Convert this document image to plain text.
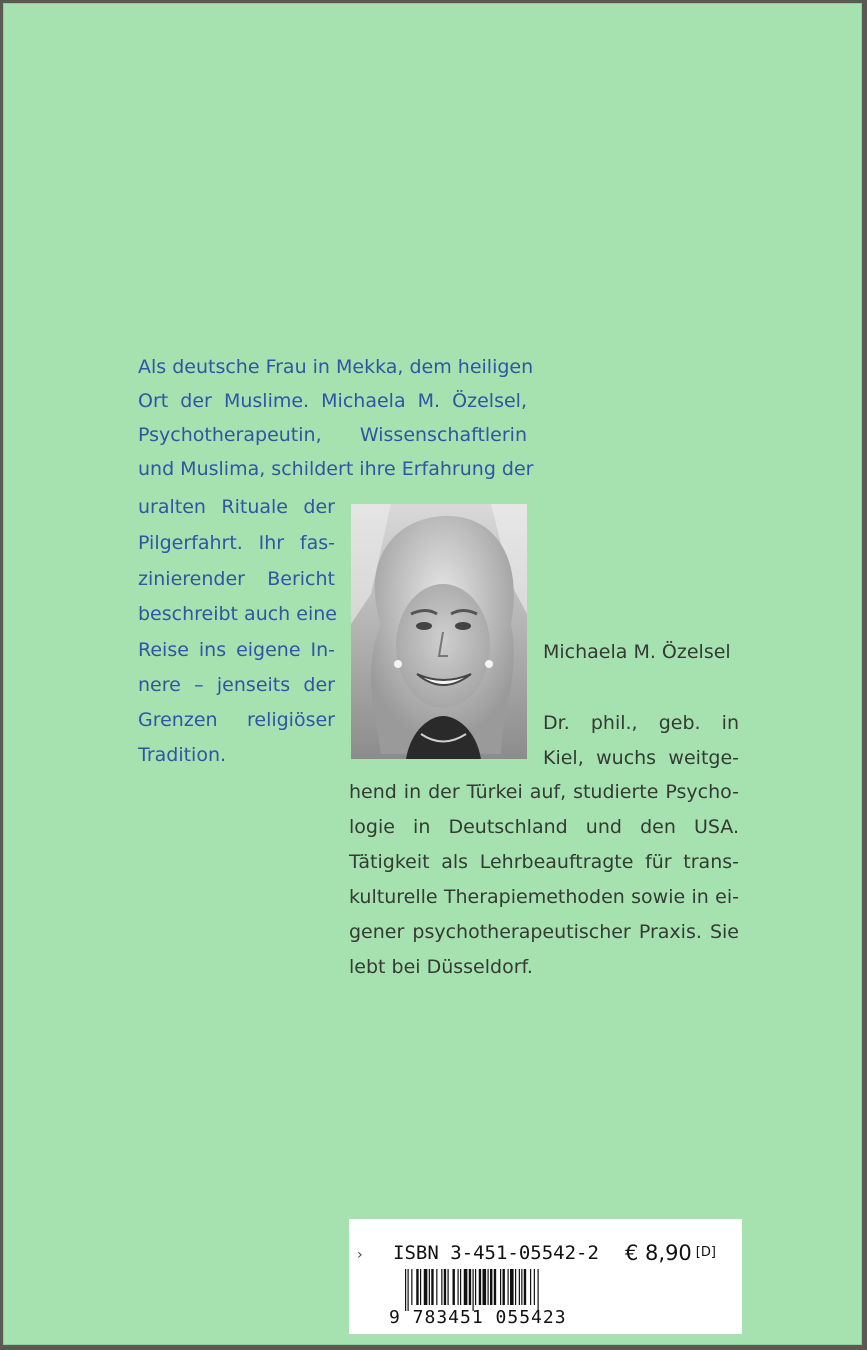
Als deutsche Frau in Mekka, dem heiligen
Ort der Muslime. Michaela M. Özelsel,
Psychotherapeutin, Wissenschaftlerin
und Muslima, schildert ihre Erfahrung der
uralten Rituale der
Pilgerfahrt. Ihr fas-
zinierender Bericht
beschreibt auch eine
Reise ins eigene In-
nere – jenseits der
Grenzen religiöser
Tradition.
Michaela M. Özelsel
Dr. phil., geb. in
Kiel, wuchs weitge-
hend in der Türkei auf, studierte Psycho-
logie in Deutschland und den USA.
Tätigkeit als Lehrbeauftragte für trans-
kulturelle Therapiemethoden sowie in ei-
gener psychotherapeutischer Praxis. Sie
lebt bei Düsseldorf.
› ISBN 3-451-05542-2 € 8,90 [D]
9 783451 055423
